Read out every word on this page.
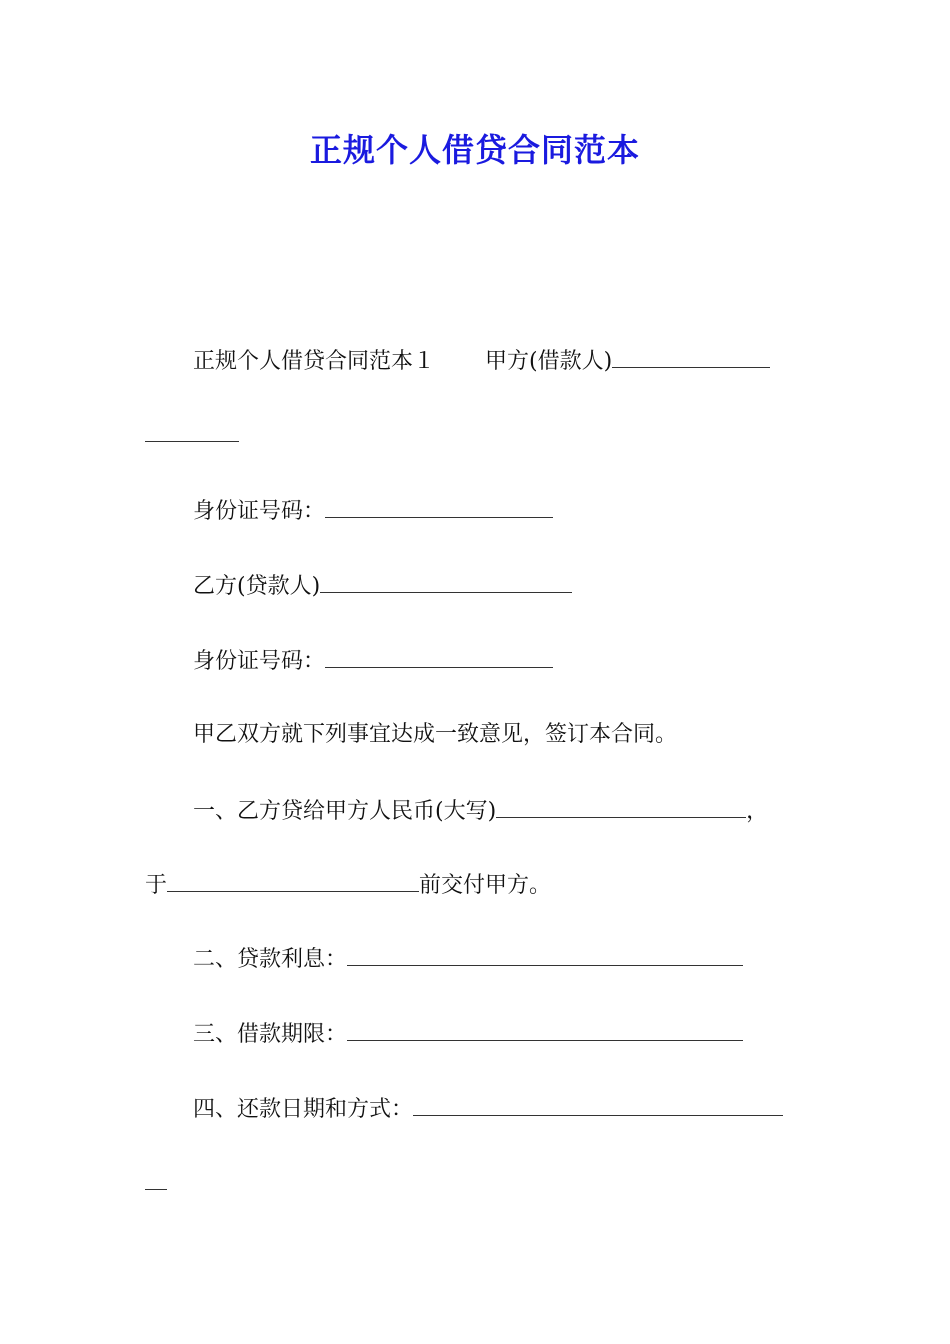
正规个人借贷合同范本
正规个人借贷合同范本１ 甲方(借款人)
身份证号码：
乙方(贷款人)
身份证号码：
甲乙双方就下列事宜达成一致意见，签订本合同。
一、乙方贷给甲方人民币(大写)	，
于	前交付甲方。
二、贷款利息：
三、借款期限：
四、还款日期和方式：
